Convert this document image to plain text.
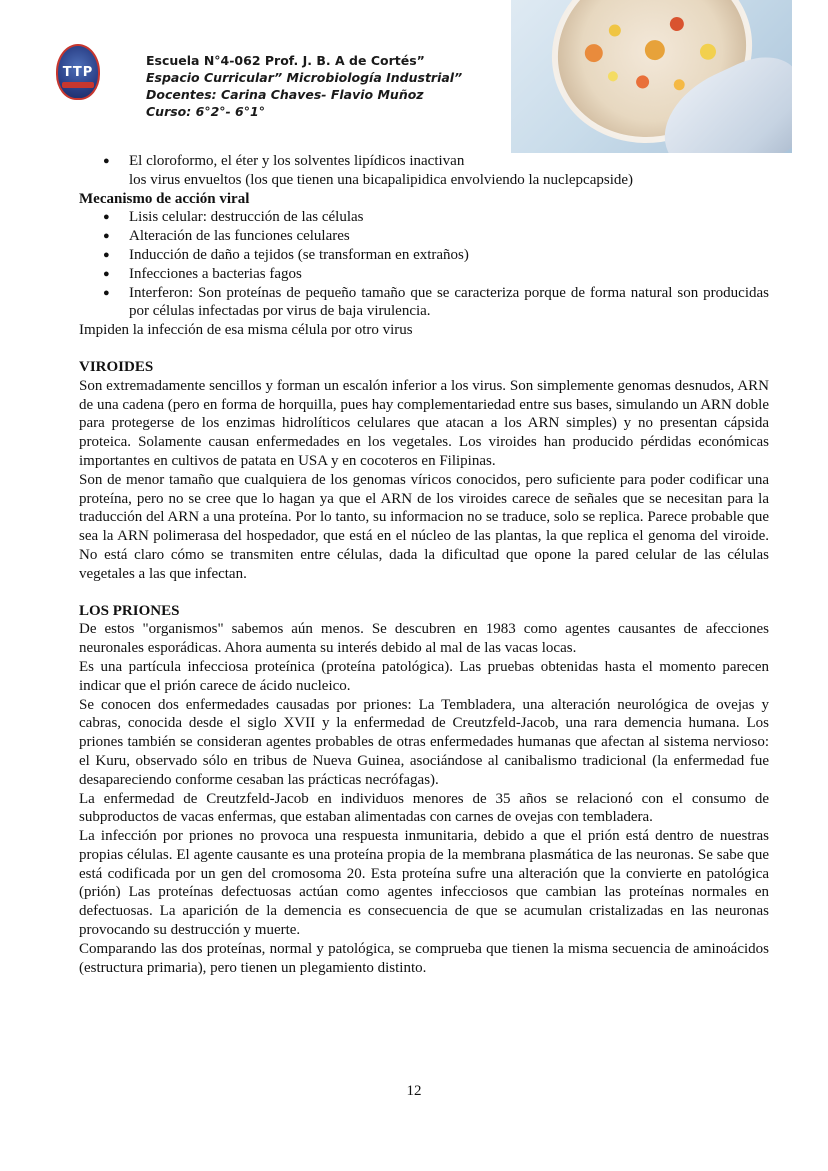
TTP
Escuela N°4-062 Prof. J. B. A de Cortés”
Espacio Curricular” Microbiología Industrial”
Docentes: Carina Chaves- Flavio Muñoz
Curso: 6°2°- 6°1°
● El cloroformo, el éter y los solventes lipídicos inactivan

los virus envueltos (los que tienen una bicapalipidica envolviendo la nuclepcapside)

Mecanismo de acción viral

● Lisis celular: destrucción de las células
● Alteración de las funciones celulares
● Inducción de daño a tejidos (se transforman en extraños)
● Infecciones a bacterias fagos
● Interferon: Son proteínas de pequeño tamaño que se caracteriza porque de forma natural son producidas por células infectadas por virus de baja virulencia.

Impiden la infección de esa misma célula por otro virus

VIROIDES

Son extremadamente sencillos y forman un escalón inferior a los virus. Son simplemente genomas desnudos, ARN de una cadena (pero en forma de horquilla, pues hay complementariedad entre sus bases, simulando un ARN doble para protegerse de los enzimas hidrolíticos celulares que atacan a los ARN simples) y no presentan cápsida proteica. Solamente causan enfermedades en los vegetales. Los viroides han producido pérdidas económicas importantes en cultivos de patata en USA y en cocoteros en Filipinas.

Son de menor tamaño que cualquiera de los genomas víricos conocidos, pero suficiente para poder codificar una proteína, pero no se cree que lo hagan ya que el ARN de los viroides carece de señales que se necesitan para la traducción del ARN a una proteína. Por lo tanto, su informacion no se traduce, solo se replica. Parece probable que sea la ARN polimerasa del hospedador, que está en el núcleo de las plantas, la que replica el genoma del viroide. No está claro cómo se transmiten entre células, dada la dificultad que opone la pared celular de las células vegetales a las que infectan.

LOS PRIONES

De estos "organismos" sabemos aún menos. Se descubren en 1983 como agentes causantes de afecciones neuronales esporádicas. Ahora aumenta su interés debido al mal de las vacas locas.

Es una partícula infecciosa proteínica (proteína patológica). Las pruebas obtenidas hasta el momento parecen indicar que el prión carece de ácido nucleico.

Se conocen dos enfermedades causadas por priones: La Tembladera, una alteración neurológica de ovejas y cabras, conocida desde el siglo XVII y la enfermedad de Creutzfeld-Jacob, una rara demencia humana. Los priones también se consideran agentes probables de otras enfermedades humanas que afectan al sistema nervioso: el Kuru, observado sólo en tribus de Nueva Guinea, asociándose al canibalismo tradicional (la enfermedad fue desapareciendo conforme cesaban las prácticas necrófagas).

La enfermedad de Creutzfeld-Jacob en individuos menores de 35 años se relacionó con el consumo de subproductos de vacas enfermas, que estaban alimentadas con carnes de ovejas con tembladera.

La infección por priones no provoca una respuesta inmunitaria, debido a que el prión está dentro de nuestras propias células. El agente causante es una proteína propia de la membrana plasmática de las neuronas. Se sabe que está codificada por un gen del cromosoma 20. Esta proteína sufre una alteración que la convierte en patológica (prión) Las proteínas defectuosas actúan como agentes infecciosos que cambian las proteínas normales en defectuosas. La aparición de la demencia es consecuencia de que se acumulan cristalizadas en las neuronas provocando su destrucción y muerte.

Comparando las dos proteínas, normal y patológica, se comprueba que tienen la misma secuencia de aminoácidos (estructura primaria), pero tienen un plegamiento distinto.

12
